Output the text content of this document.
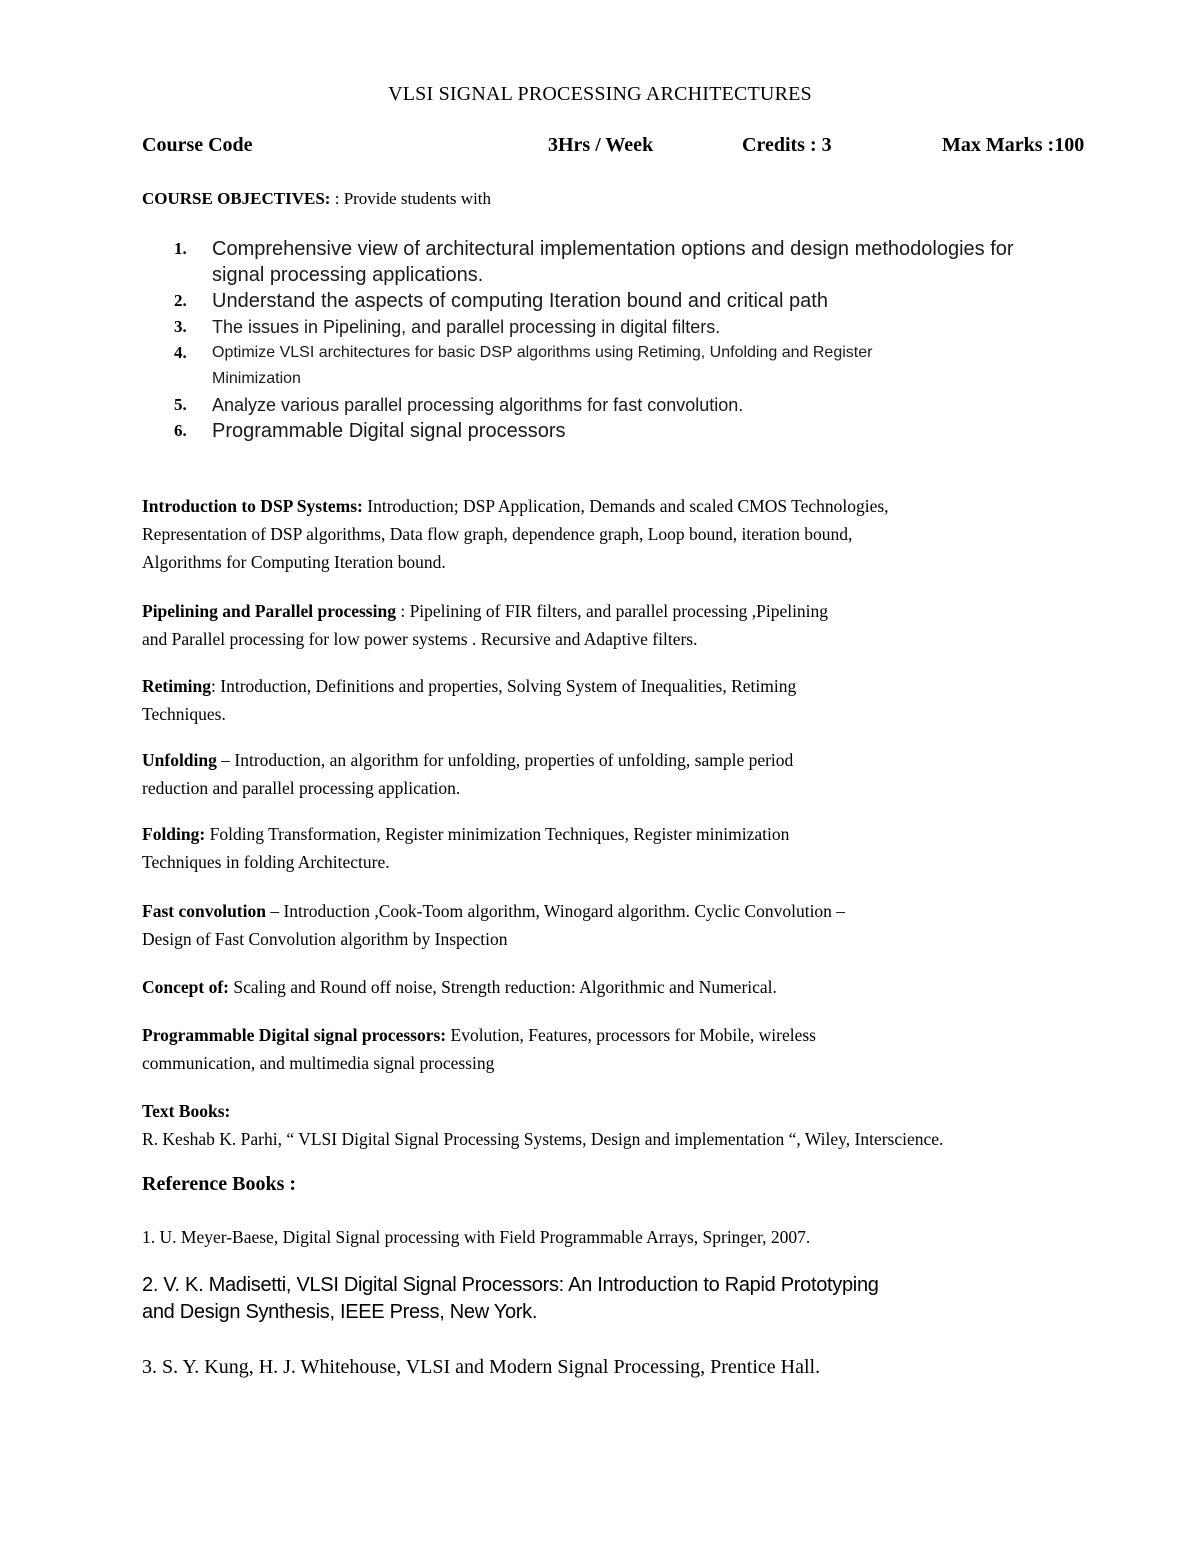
VLSI SIGNAL PROCESSING ARCHITECTURES
Course Code	3Hrs / Week	Credits : 3	Max Marks :100
COURSE OBJECTIVES: : Provide students with
1. Comprehensive view of architectural implementation options and design methodologies for
signal processing applications.
2. Understand the aspects of computing Iteration bound and critical path
3. The issues in Pipelining, and parallel processing in digital filters.
4. Optimize VLSI architectures for basic DSP algorithms using Retiming, Unfolding and Register
Minimization
5. Analyze various parallel processing algorithms for fast convolution.
6. Programmable Digital signal processors
Introduction to DSP Systems: Introduction; DSP Application, Demands and scaled CMOS Technologies,
Representation of DSP algorithms, Data flow graph, dependence graph, Loop bound, iteration bound,
Algorithms for Computing Iteration bound.
Pipelining and Parallel processing : Pipelining of FIR filters, and parallel processing ,Pipelining
and Parallel processing for low power systems . Recursive and Adaptive filters.
Retiming: Introduction, Definitions and properties, Solving System of Inequalities, Retiming
Techniques.
Unfolding – Introduction, an algorithm for unfolding, properties of unfolding, sample period
reduction and parallel processing application.
Folding: Folding Transformation, Register minimization Techniques, Register minimization
Techniques in folding Architecture.
Fast convolution – Introduction ,Cook-Toom algorithm, Winogard algorithm. Cyclic Convolution –
Design of Fast Convolution algorithm by Inspection
Concept of: Scaling and Round off noise, Strength reduction: Algorithmic and Numerical.
Programmable Digital signal processors: Evolution, Features, processors for Mobile, wireless
communication, and multimedia signal processing
Text Books:
R. Keshab K. Parhi, “ VLSI Digital Signal Processing Systems, Design and implementation “, Wiley, Interscience.
Reference Books :
1. U. Meyer-Baese, Digital Signal processing with Field Programmable Arrays, Springer, 2007.
2. V. K. Madisetti, VLSI Digital Signal Processors: An Introduction to Rapid Prototyping
and Design Synthesis, IEEE Press, New York.
3. S. Y. Kung, H. J. Whitehouse, VLSI and Modern Signal Processing, Prentice Hall.
